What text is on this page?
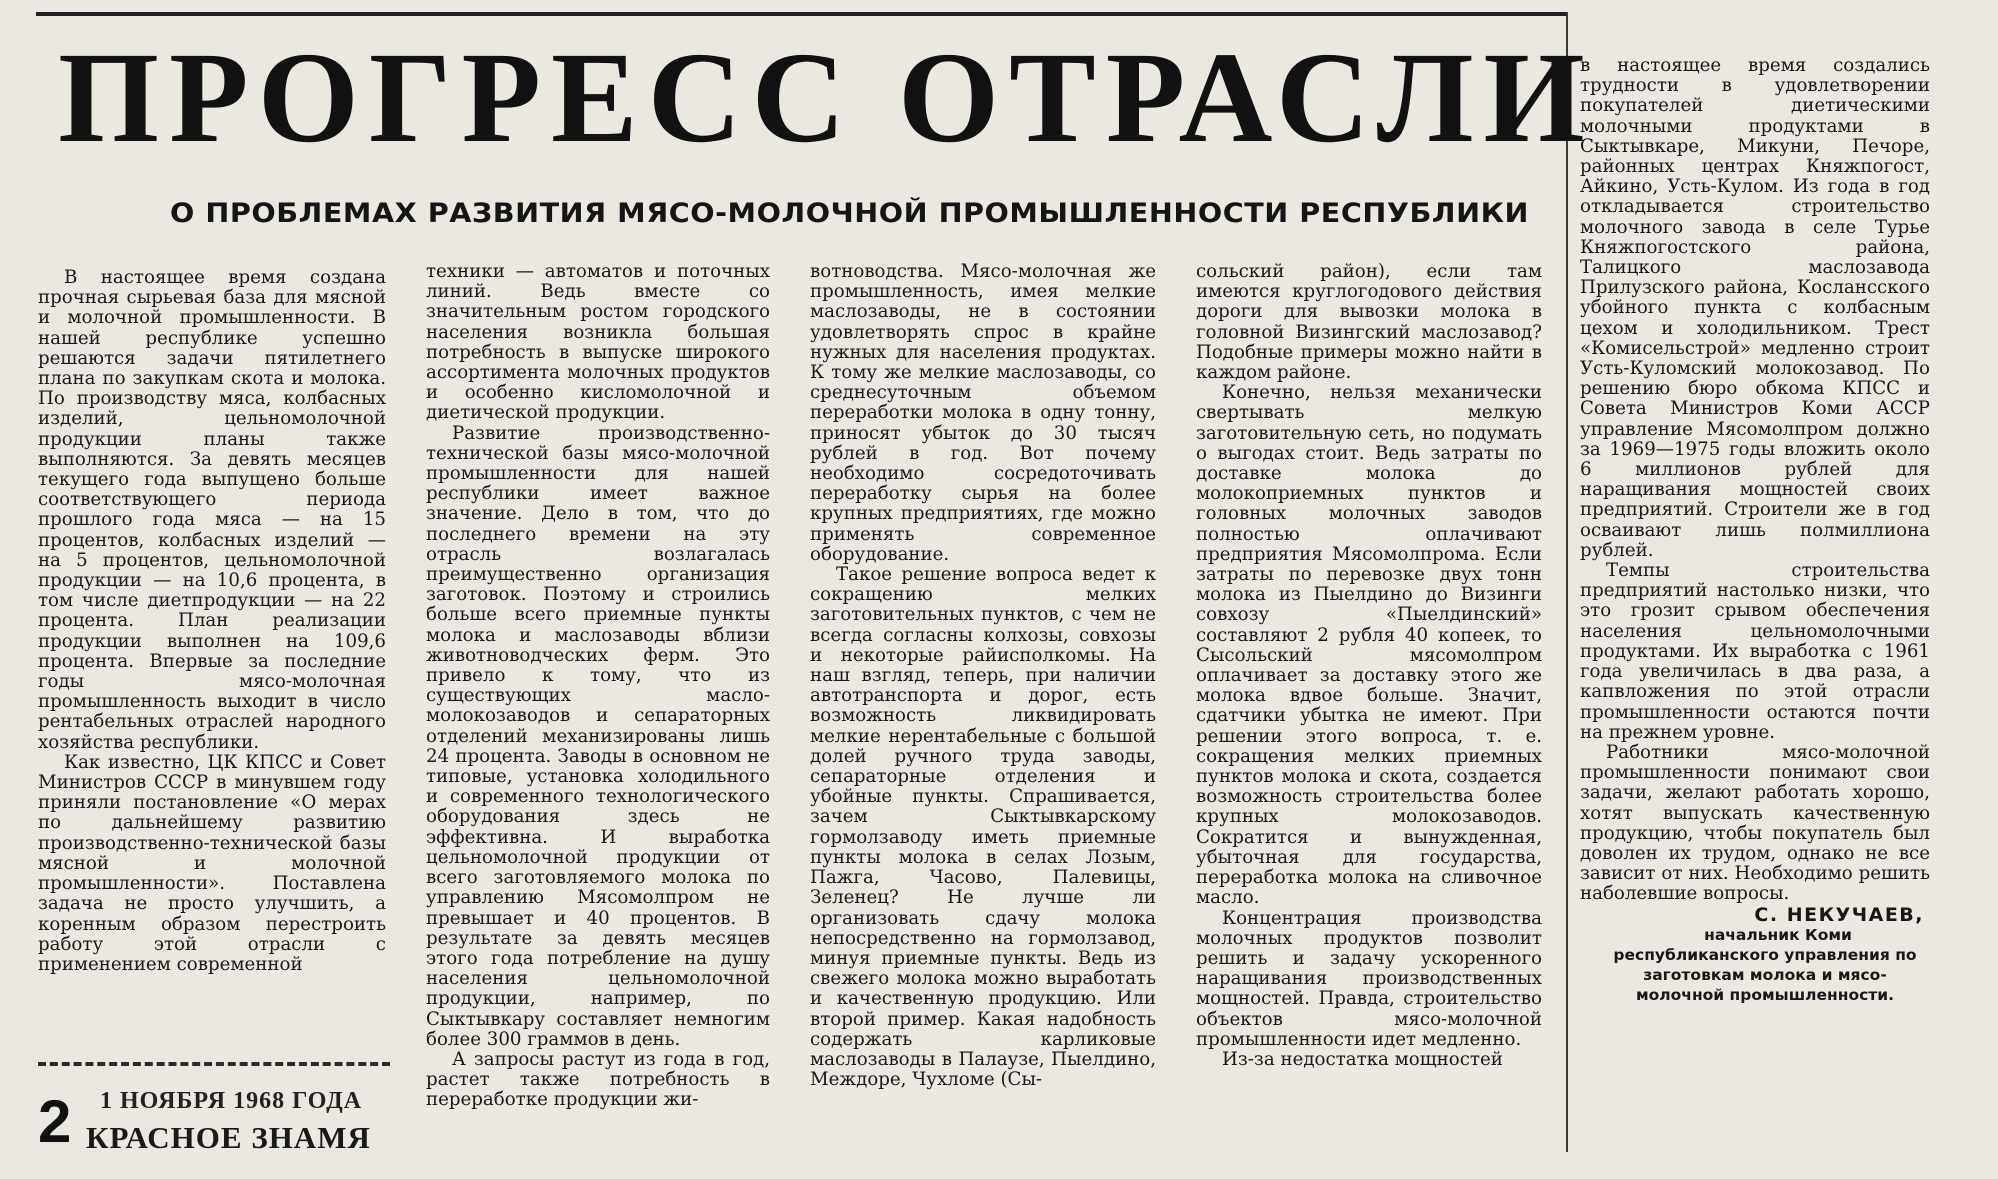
ПРОГРЕСС ОТРАСЛИ
О ПРОБЛЕМАХ РАЗВИТИЯ МЯСО-МОЛОЧНОЙ ПРОМЫШЛЕННОСТИ РЕСПУБЛИКИ

В настоящее время создана прочная сырьевая база для мясной и молочной промышленности. В нашей республике успешно решаются задачи пятилетнего плана по закупкам скота и молока. По производству мяса, колбасных изделий, цельномолочной продукции планы также выполняются. За девять месяцев текущего года выпущено больше соответствующего периода прошлого года мяса — на 15 процентов, колбасных изделий — на 5 процентов, цельномолочной продукции — на 10,6 процента, в том числе диетпродукции — на 22 процента. План реализации продукции выполнен на 109,6 процента. Впервые за последние годы мясо-молочная промышленность выходит в число рентабельных отраслей народного хозяйства республики.

Как известно, ЦК КПСС и Совет Министров СССР в минувшем году приняли постановление «О мерах по дальнейшему развитию производственно-технической базы мясной и молочной промышленности». Поставлена задача не просто улучшить, а коренным образом перестроить работу этой отрасли с применением современной

техники — автоматов и поточных линий. Ведь вместе со значительным ростом городского населения возникла большая потребность в выпуске широкого ассортимента молочных продуктов и особенно кисломолочной и диетической продукции.

Развитие производственно-технической базы мясо-молочной промышленности для нашей республики имеет важное значение. Дело в том, что до последнего времени на эту отрасль возлагалась преимущественно организация заготовок. Поэтому и строились больше всего приемные пункты молока и маслозаводы вблизи животноводческих ферм. Это привело к тому, что из существующих масло-молокозаводов и сепараторных отделений механизированы лишь 24 процента. Заводы в основном не типовые, установка холодильного и современного технологического оборудования здесь не эффективна. И выработка цельномолочной продукции от всего заготовляемого молока по управлению Мясомолпром не превышает и 40 процентов. В результате за девять месяцев этого года потребление на душу населения цельномолочной продукции, например, по Сыктывкару составляет немногим более 300 граммов в день.

А запросы растут из года в год, растет также потребность в переработке продукции жи-

вотноводства. Мясо-молочная же промышленность, имея мелкие маслозаводы, не в состоянии удовлетворять спрос в крайне нужных для населения продуктах. К тому же мелкие маслозаводы, со среднесуточным объемом переработки молока в одну тонну, приносят убыток до 30 тысяч рублей в год. Вот почему необходимо сосредоточивать переработку сырья на более крупных предприятиях, где можно применять современное оборудование.

Такое решение вопроса ведет к сокращению мелких заготовительных пунктов, с чем не всегда согласны колхозы, совхозы и некоторые райисполкомы. На наш взгляд, теперь, при наличии автотранспорта и дорог, есть возможность ликвидировать мелкие нерентабельные с большой долей ручного труда заводы, сепараторные отделения и убойные пункты. Спрашивается, зачем Сыктывкарскому гормолзаводу иметь приемные пункты молока в селах Лозым, Пажга, Часово, Палевицы, Зеленец? Не лучше ли организовать сдачу молока непосредственно на гормолзавод, минуя приемные пункты. Ведь из свежего молока можно выработать и качественную продукцию. Или второй пример. Какая надобность содержать карликовые маслозаводы в Палаузе, Пыелдино, Междоре, Чухломе (Сы-

сольский район), если там имеются круглогодового действия дороги для вывозки молока в головной Визингский маслозавод? Подобные примеры можно найти в каждом районе.

Конечно, нельзя механически свертывать мелкую заготовительную сеть, но подумать о выгодах стоит. Ведь затраты по доставке молока до молокоприемных пунктов и головных молочных заводов полностью оплачивают предприятия Мясомолпрома. Если затраты по перевозке двух тонн молока из Пыелдино до Визинги совхозу «Пыелдинский» составляют 2 рубля 40 копеек, то Сысольский мясомолпром оплачивает за доставку этого же молока вдвое больше. Значит, сдатчики убытка не имеют. При решении этого вопроса, т. е. сокращения мелких приемных пунктов молока и скота, создается возможность строительства более крупных молокозаводов. Сократится и вынужденная, убыточная для государства, переработка молока на сливочное масло.

Концентрация производства молочных продуктов позволит решить и задачу ускоренного наращивания производственных мощностей. Правда, строительство объектов мясо-молочной промышленности идет медленно.

Из-за недостатка мощностей

в настоящее время создались трудности в удовлетворении покупателей диетическими молочными продуктами в Сыктывкаре, Микуни, Печоре, районных центрах Княжпогост, Айкино, Усть-Кулом. Из года в год откладывается строительство молочного завода в селе Турье Княжпогостского района, Талицкого маслозавода Прилузского района, Кослансского убойного пункта с колбасным цехом и холодильником. Трест «Комисельстрой» медленно строит Усть-Куломский молокозавод. По решению бюро обкома КПСС и Совета Министров Коми АССР управление Мясомолпром должно за 1969—1975 годы вложить около 6 миллионов рублей для наращивания мощностей своих предприятий. Строители же в год осваивают лишь полмиллиона рублей.

Темпы строительства предприятий настолько низки, что это грозит срывом обеспечения населения цельномолочными продуктами. Их выработка с 1961 года увеличилась в два раза, а капвложения по этой отрасли промышленности остаются почти на прежнем уровне.

Работники мясо-молочной промышленности понимают свои задачи, желают работать хорошо, хотят выпускать качественную продукцию, чтобы покупатель был доволен их трудом, однако не все зависит от них. Необходимо решить наболевшие вопросы.

С. НЕКУЧАЕВ,

начальник Коми республиканского управления по заготовкам молока и мясо-молочной промышленности.

2 1 НОЯБРЯ 1968 ГОДА

КРАСНОЕ ЗНАМЯ
